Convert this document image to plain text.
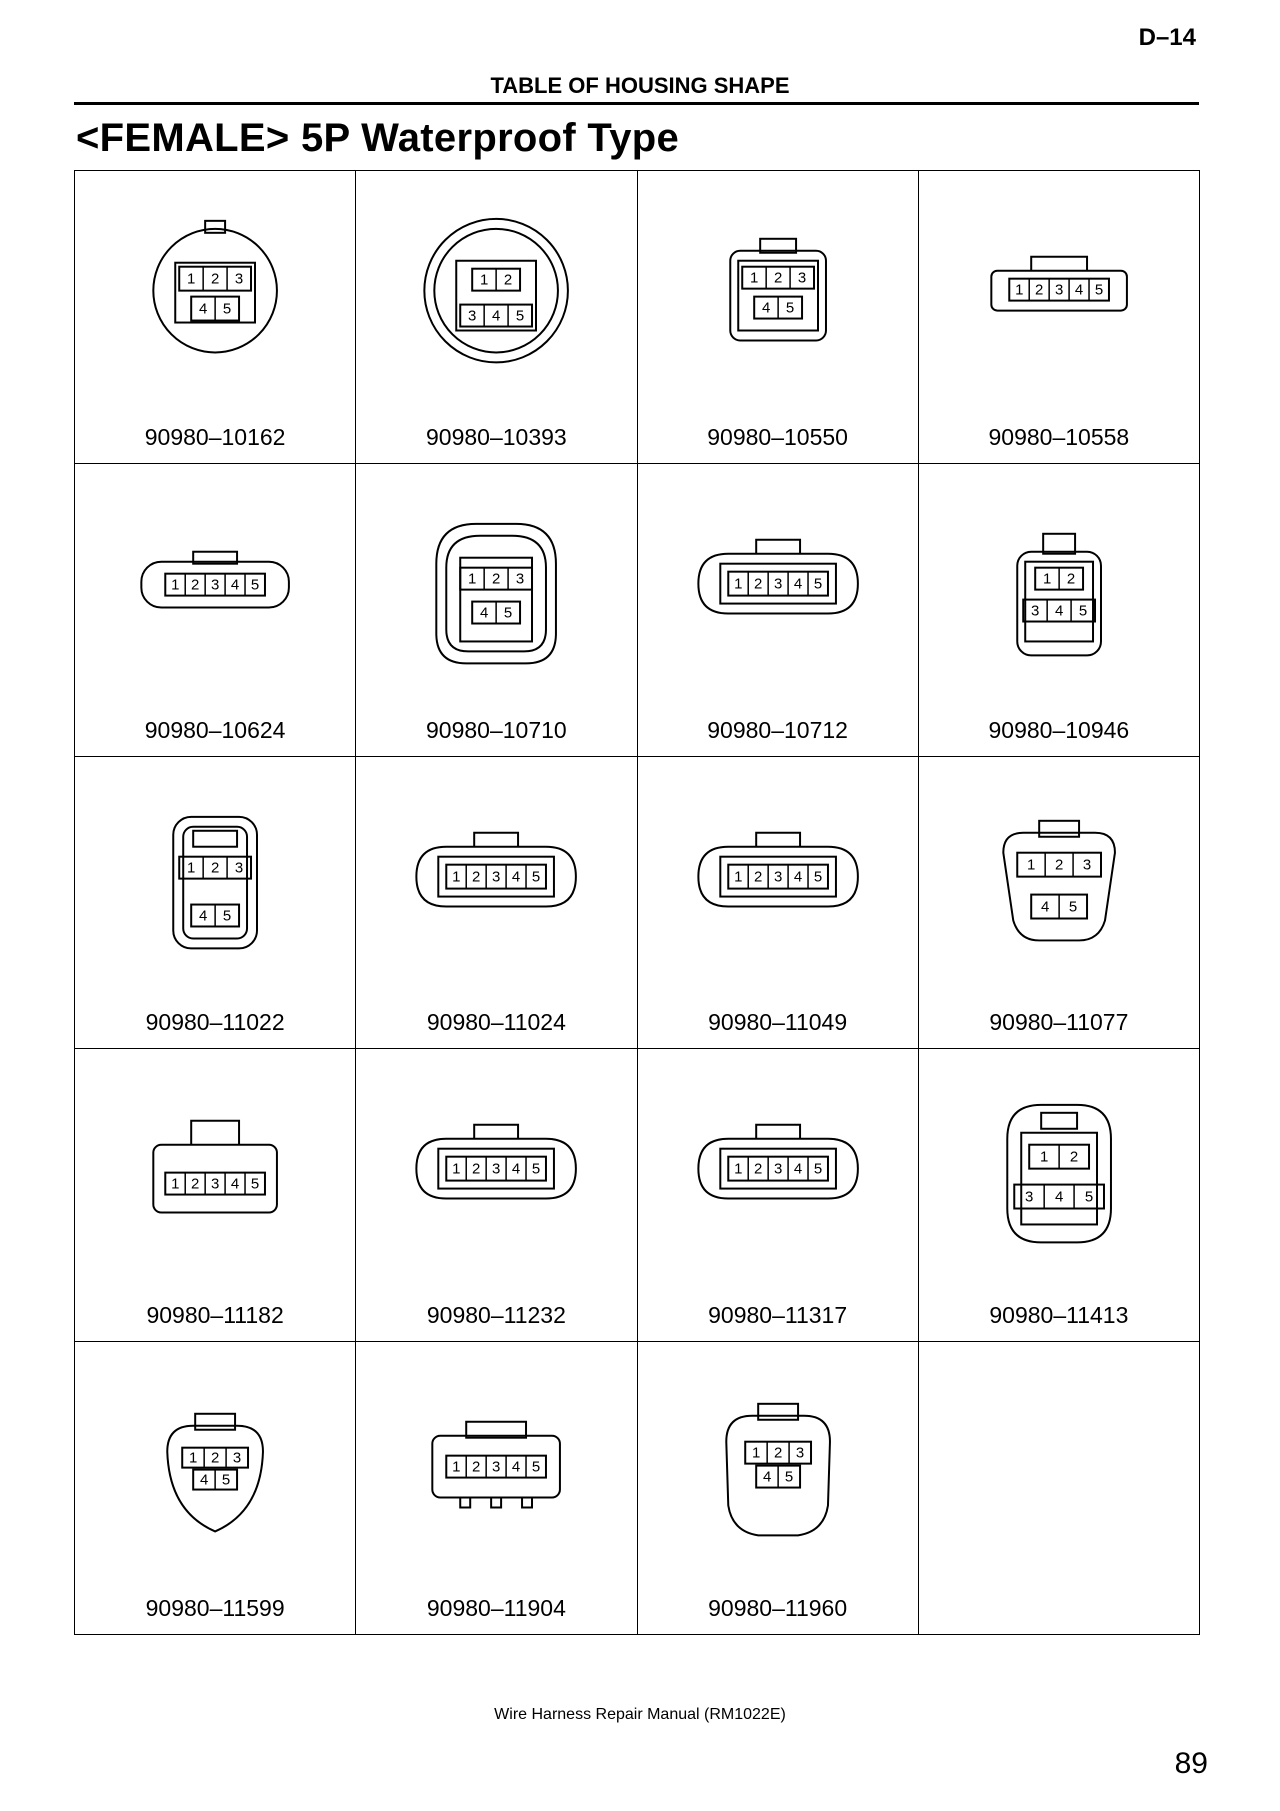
D–14
TABLE OF HOUSING SHAPE
<FEMALE> 5P Waterproof Type
1 2 3
4 5
90980–10162
1 2
3 4 5
90980–10393
1 2 3
4 5
90980–10550
1 2 3 4 5
90980–10558
1 2 3 4 5
90980–10624
1 2 3
4 5
90980–10710
1 2 3 4 5
90980–10712
1 2
3 4 5
90980–10946
1 2 3
4 5
90980–11022
1 2 3 4 5
90980–11024
1 2 3 4 5
90980–11049
1 2 3
4 5
90980–11077
1 2 3 4 5
90980–11182
1 2 3 4 5
90980–11232
1 2 3 4 5
90980–11317
1 2
3 4 5
90980–11413
1 2 3
4 5
90980–11599
1 2 3 4 5
90980–11904
1 2 3
4 5
90980–11960
Wire Harness Repair Manual (RM1022E)
89
